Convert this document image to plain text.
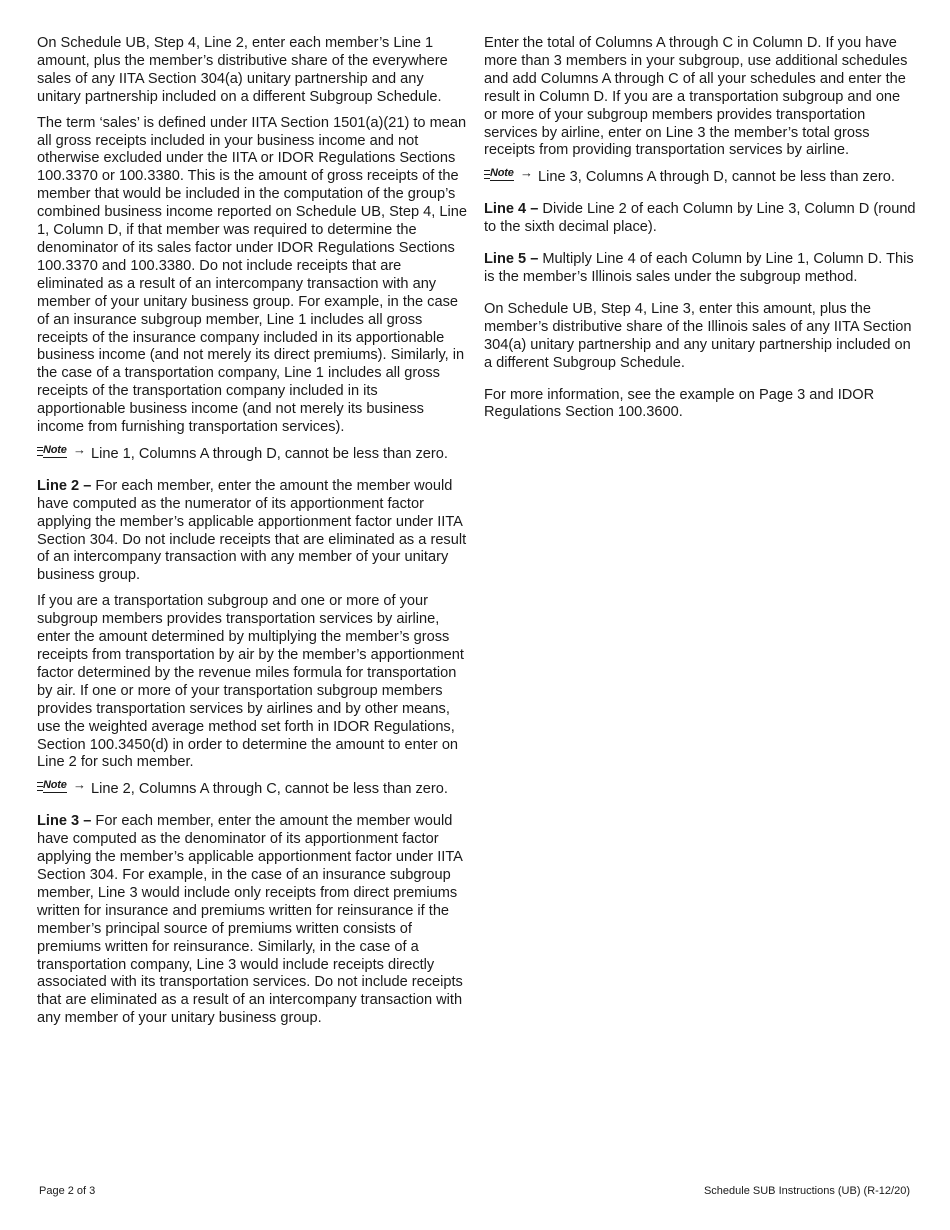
On Schedule UB, Step 4, Line 2, enter each member’s Line 1 amount, plus the member’s distributive share of the everywhere sales of any IITA Section 304(a) unitary partnership and any unitary partnership included on a different Subgroup Schedule.

The term ‘sales’ is defined under IITA Section 1501(a)(21) to mean all gross receipts included in your business income and not otherwise excluded under the IITA or IDOR Regulations Sections 100.3370 or 100.3380. This is the amount of gross receipts of the member that would be included in the computation of the group’s combined business income reported on Schedule UB, Step 4, Line 1, Column D, if that member was required to determine the denominator of its sales factor under IDOR Regulations Sections 100.3370 and 100.3380. Do not include receipts that are eliminated as a result of an intercompany transaction with any member of your unitary business group. For example, in the case of an insurance subgroup member, Line 1 includes all gross receipts of the insurance company included in its apportionable business income (and not merely its direct premiums). Similarly, in the case of a transportation company, Line 1 includes all gross receipts of the transportation company included in its apportionable business income (and not merely its business income from furnishing transportation services).

Note → Line 1, Columns A through D, cannot be less than zero.

Line 2 – For each member, enter the amount the member would have computed as the numerator of its apportionment factor applying the member’s applicable apportionment factor under IITA Section 304. Do not include receipts that are eliminated as a result of an intercompany transaction with any member of your unitary business group.

If you are a transportation subgroup and one or more of your subgroup members provides transportation services by airline, enter the amount determined by multiplying the member’s gross receipts from transportation by air by the member’s apportionment factor determined by the revenue miles formula for transportation by air. If one or more of your transportation subgroup members provides transportation services by airlines and by other means, use the weighted average method set forth in IDOR Regulations, Section 100.3450(d) in order to determine the amount to enter on Line 2 for such member.

Note → Line 2, Columns A through C, cannot be less than zero.

Line 3 – For each member, enter the amount the member would have computed as the denominator of its apportionment factor applying the member’s applicable apportionment factor under IITA Section 304. For example, in the case of an insurance subgroup member, Line 3 would include only receipts from direct premiums written for insurance and premiums written for reinsurance if the member’s principal source of premiums written consists of premiums written for reinsurance. Similarly, in the case of a transportation company, Line 3 would include receipts directly associated with its transportation services. Do not include receipts that are eliminated as a result of an intercompany transaction with any member of your unitary business group.

Enter the total of Columns A through C in Column D. If you have more than 3 members in your subgroup, use additional schedules and add Columns A through C of all your schedules and enter the result in Column D. If you are a transportation subgroup and one or more of your subgroup members provides transportation services by airline, enter on Line 3 the member’s total gross receipts from providing transportation services by airline.

Note → Line 3, Columns A through D, cannot be less than zero.

Line 4 – Divide Line 2 of each Column by Line 3, Column D (round to the sixth decimal place).

Line 5 – Multiply Line 4 of each Column by Line 1, Column D. This is the member’s Illinois sales under the subgroup method.

On Schedule UB, Step 4, Line 3, enter this amount, plus the member’s distributive share of the Illinois sales of any IITA Section 304(a) unitary partnership and any unitary partnership included on a different Subgroup Schedule.

For more information, see the example on Page 3 and IDOR Regulations Section 100.3600.

Page 2 of 3	Schedule SUB Instructions (UB) (R-12/20)
